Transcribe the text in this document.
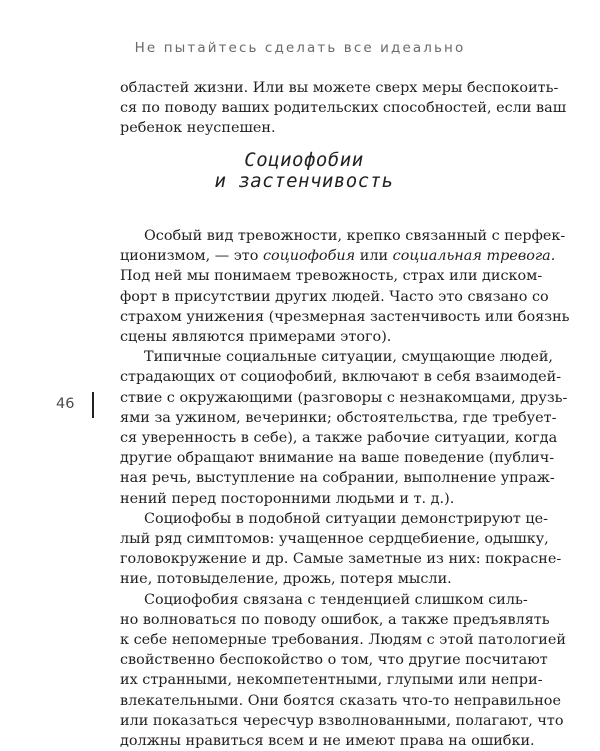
Не пытайтесь сделать все идеально
областей жизни. Или вы можете сверх меры беспокоить-
ся по поводу ваших родительских способностей, если ваш
ребенок неуспешен.
Социофобии
и застенчивость
Особый вид тревожности, крепко связанный с перфек-
ционизмом, — это социофобия или социальная тревога.
Под ней мы понимаем тревожность, страх или диском-
форт в присутствии других людей. Часто это связано со
страхом унижения (чрезмерная застенчивость или боязнь
сцены являются примерами этого).
Типичные социальные ситуации, смущающие людей,
страдающих от социофобий, включают в себя взаимодей-
ствие с окружающими (разговоры с незнакомцами, друзь-
ями за ужином, вечеринки; обстоятельства, где требует-
ся уверенность в себе), а также рабочие ситуации, когда
другие обращают внимание на ваше поведение (публич-
ная речь, выступление на собрании, выполнение упраж-
нений перед посторонними людьми и т. д.).
Социофобы в подобной ситуации демонстрируют це-
лый ряд симптомов: учащенное сердцебиение, одышку,
головокружение и др. Самые заметные из них: покрасне-
ние, потовыделение, дрожь, потеря мысли.
Социофобия связана с тенденцией слишком силь-
но волноваться по поводу ошибок, а также предъявлять
к себе непомерные требования. Людям с этой патологией
свойственно беспокойство о том, что другие посчитают
их странными, некомпетентными, глупыми или непри-
влекательными. Они боятся сказать что-то неправильное
или показаться чересчур взволнованными, полагают, что
должны нравиться всем и не имеют права на ошибки.
46
